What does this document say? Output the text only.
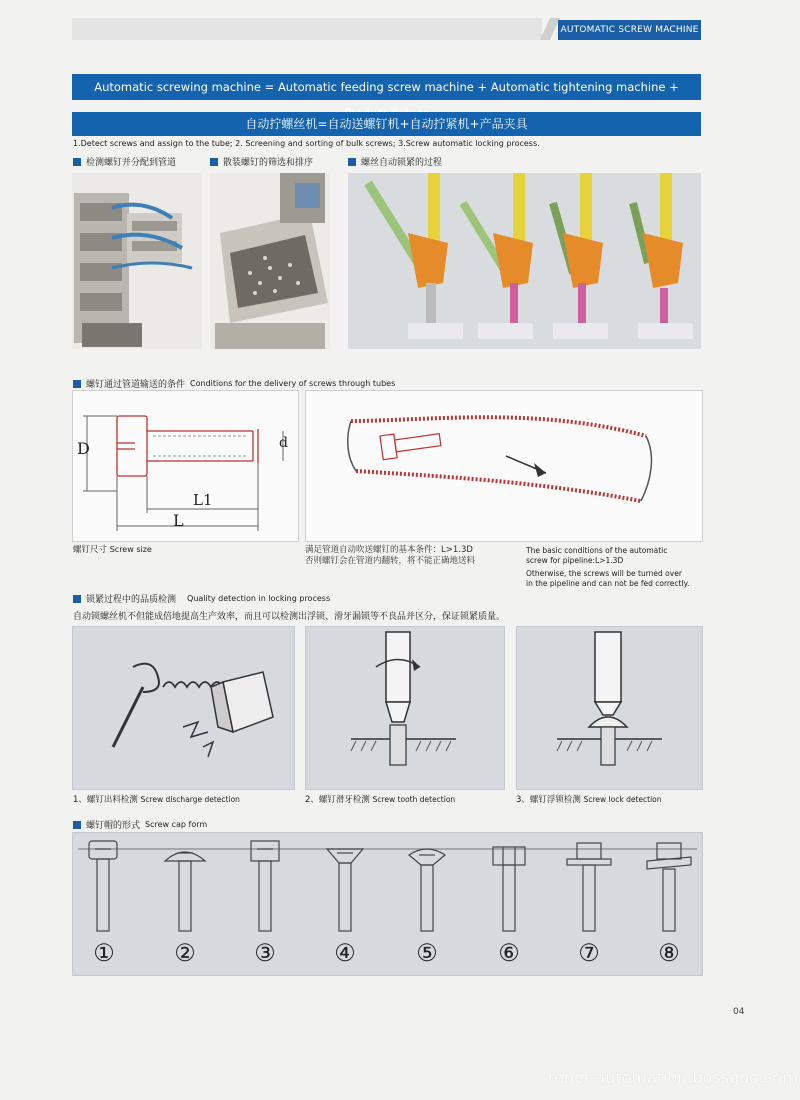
AUTOMATIC SCREW MACHINE
Automatic screwing machine = Automatic feeding screw machine + Automatic tightening machine +
自动拧螺丝机=自动送螺钉机+自动拧紧机+产品夹具
1.Detect screws and assign to the tube; 2. Screening and sorting of bulk screws; 3.Screw automatic locking process.
检测螺钉并分配到管道	散装螺钉的筛选和排序	螺丝自动锁紧的过程
螺钉通过管道输送的条件 Conditions for the delivery of screws through tubes
D	d
L1
L
螺钉尺寸 Screw size	满足管道自动吹送螺钉的基本条件：L>1.3D
否则螺钉会在管道内翻转，将不能正确地送料
The basic conditions of the automatic
screw for pipeline:L>1.3D
Otherwise, the screws will be turned over
in the pipeline and can not be fed correctly.
锁紧过程中的品质检测 Quality detection in locking process
自动锁螺丝机不但能成倍地提高生产效率，而且可以检测出浮锁、滑牙漏锁等不良品并区分，保证锁紧质量。
1、螺钉出料检测 Screw discharge detection	2、螺钉滑牙检测 Screw tooth detection	3、螺钉浮锁检测 Screw lock detection
螺钉帽的形式 Screw cap form
① ② ③ ④	⑤	⑥ ⑦ ⑧
04
rener-automation.bossgoo.com
